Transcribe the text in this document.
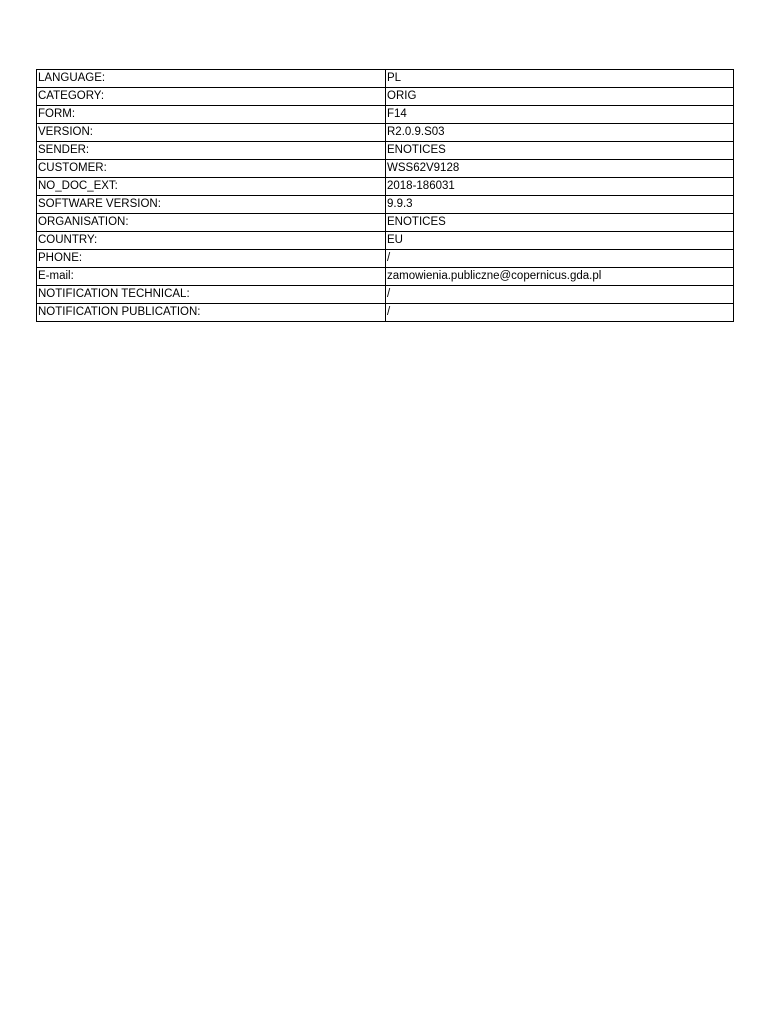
LANGUAGE:	PL
CATEGORY:	ORIG
FORM:	F14
VERSION:	R2.0.9.S03
SENDER:	ENOTICES
CUSTOMER:	WSS62V9128
NO_DOC_EXT:	2018-186031
SOFTWARE VERSION:	9.9.3
ORGANISATION:	ENOTICES
COUNTRY:	EU
PHONE:	/
E-mail:	zamowienia.publiczne@copernicus.gda.pl
NOTIFICATION TECHNICAL:	/
NOTIFICATION PUBLICATION:	/
